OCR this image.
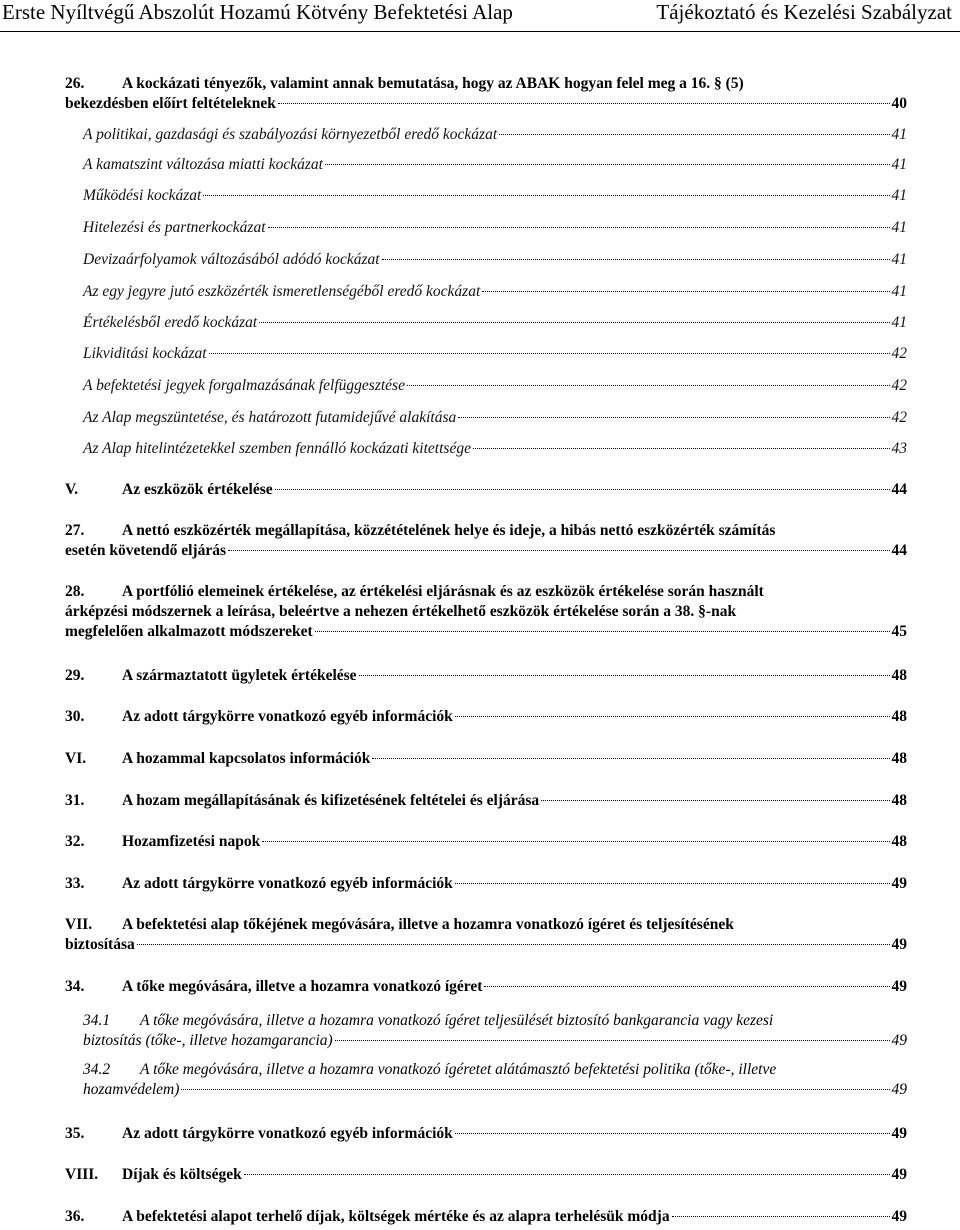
Erste Nyíltvégű Abszolút Hozamú Kötvény Befektetési Alap	Tájékoztató és Kezelési Szabályzat
26.	A kockázati tényezők, valamint annak bemutatása, hogy az ABAK hogyan felel meg a 16. § (5)
bekezdésben előírt feltételeknek	40
A politikai, gazdasági és szabályozási környezetből eredő kockázat	41
A kamatszint változása miatti kockázat	41
Működési kockázat	41
Hitelezési és partnerkockázat	41
Devizaárfolyamok változásából adódó kockázat	41
Az egy jegyre jutó eszközérték ismeretlenségéből eredő kockázat	41
Értékelésből eredő kockázat	41
Likviditási kockázat	42
A befektetési jegyek forgalmazásának felfüggesztése	42
Az Alap megszüntetése, és határozott futamidejűvé alakítása	42
Az Alap hitelintézetekkel szemben fennálló kockázati kitettsége	43
V.	Az eszközök értékelése	44
27.	A nettó eszközérték megállapítása, közzétételének helye és ideje, a hibás nettó eszközérték számítás
esetén követendő eljárás	44
28.	A portfólió elemeinek értékelése, az értékelési eljárásnak és az eszközök értékelése során használt
árképzési módszernek a leírása, beleértve a nehezen értékelhető eszközök értékelése során a 38. §-nak
megfelelően alkalmazott módszereket	45
29.	A származtatott ügyletek értékelése	48
30.	Az adott tárgykörre vonatkozó egyéb információk	48
VI.	A hozammal kapcsolatos információk	48
31.	A hozam megállapításának és kifizetésének feltételei és eljárása	48
32.	Hozamfizetési napok	48
33.	Az adott tárgykörre vonatkozó egyéb információk	49
VII.	A befektetési alap tőkéjének megóvására, illetve a hozamra vonatkozó ígéret és teljesítésének
biztosítása	49
34.	A tőke megóvására, illetve a hozamra vonatkozó ígéret	49
34.1	A tőke megóvására, illetve a hozamra vonatkozó ígéret teljesülését biztosító bankgarancia vagy kezesi
biztosítás (tőke-, illetve hozamgarancia)	49
34.2	A tőke megóvására, illetve a hozamra vonatkozó ígéretet alátámasztó befektetési politika (tőke-, illetve
hozamvédelem)	49
35.	Az adott tárgykörre vonatkozó egyéb információk	49
VIII.	Díjak és költségek	49
36.	A befektetési alapot terhelő díjak, költségek mértéke és az alapra terhelésük módja	49
